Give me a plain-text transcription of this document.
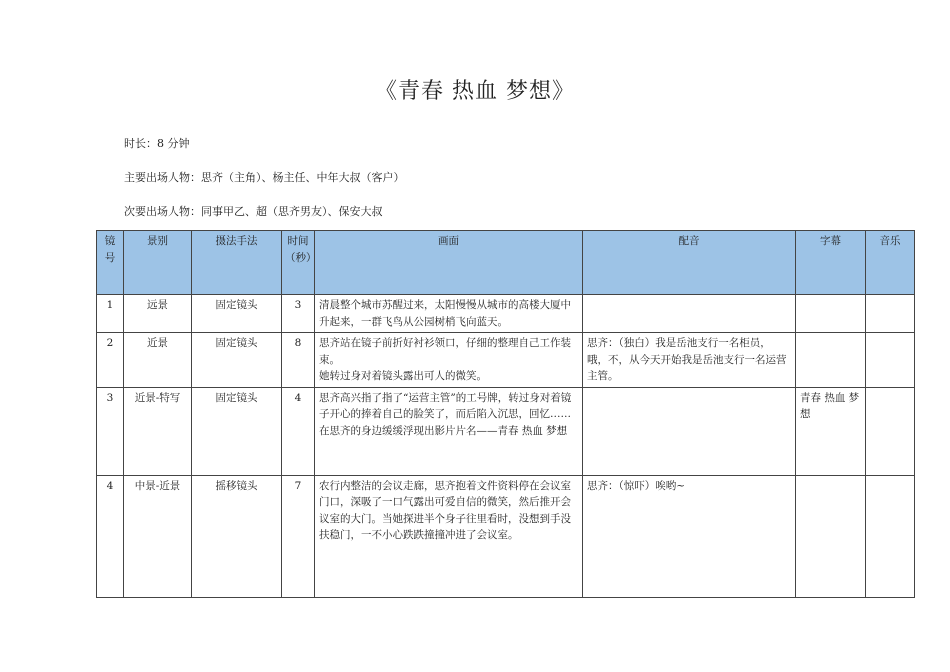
《青春 热血 梦想》
时长：8 分钟
主要出场人物：思齐（主角）、杨主任、中年大叔（客户）
次要出场人物：同事甲乙、超（思齐男友）、保安大叔
镜号	景别	摄法手法	时间（秒）	画面	配音	字幕	音乐
1	远景	固定镜头	3	清晨整个城市苏醒过来，太阳慢慢从城市的高楼大厦中升起来，一群飞鸟从公园树梢飞向蓝天。			

2	近景	固定镜头	8	思齐站在镜子前折好衬衫领口，仔细的整理自己工作装束。
她转过身对着镜头露出可人的微笑。	思齐：（独白）我是岳池支行一名柜员，哦，不，从今天开始我是岳池支行一名运营主管。		
3	近景-特写	固定镜头	4	思齐高兴指了指了“运营主管”的工号牌，转过身对着镜子开心的捧着自己的脸笑了，而后陷入沉思，回忆……
在思齐的身边缓缓浮现出影片片名——青春 热血 梦想		青春 热血 梦想	
4	中景-近景	摇移镜头	7	农行内整洁的会议走廊，思齐抱着文件资料停在会议室门口，深吸了一口气露出可爱自信的微笑，然后推开会议室的大门。当她探进半个身子往里看时，没想到手没扶稳门，一不小心跌跌撞撞冲进了会议室。	思齐：（惊吓）唉哟~		
